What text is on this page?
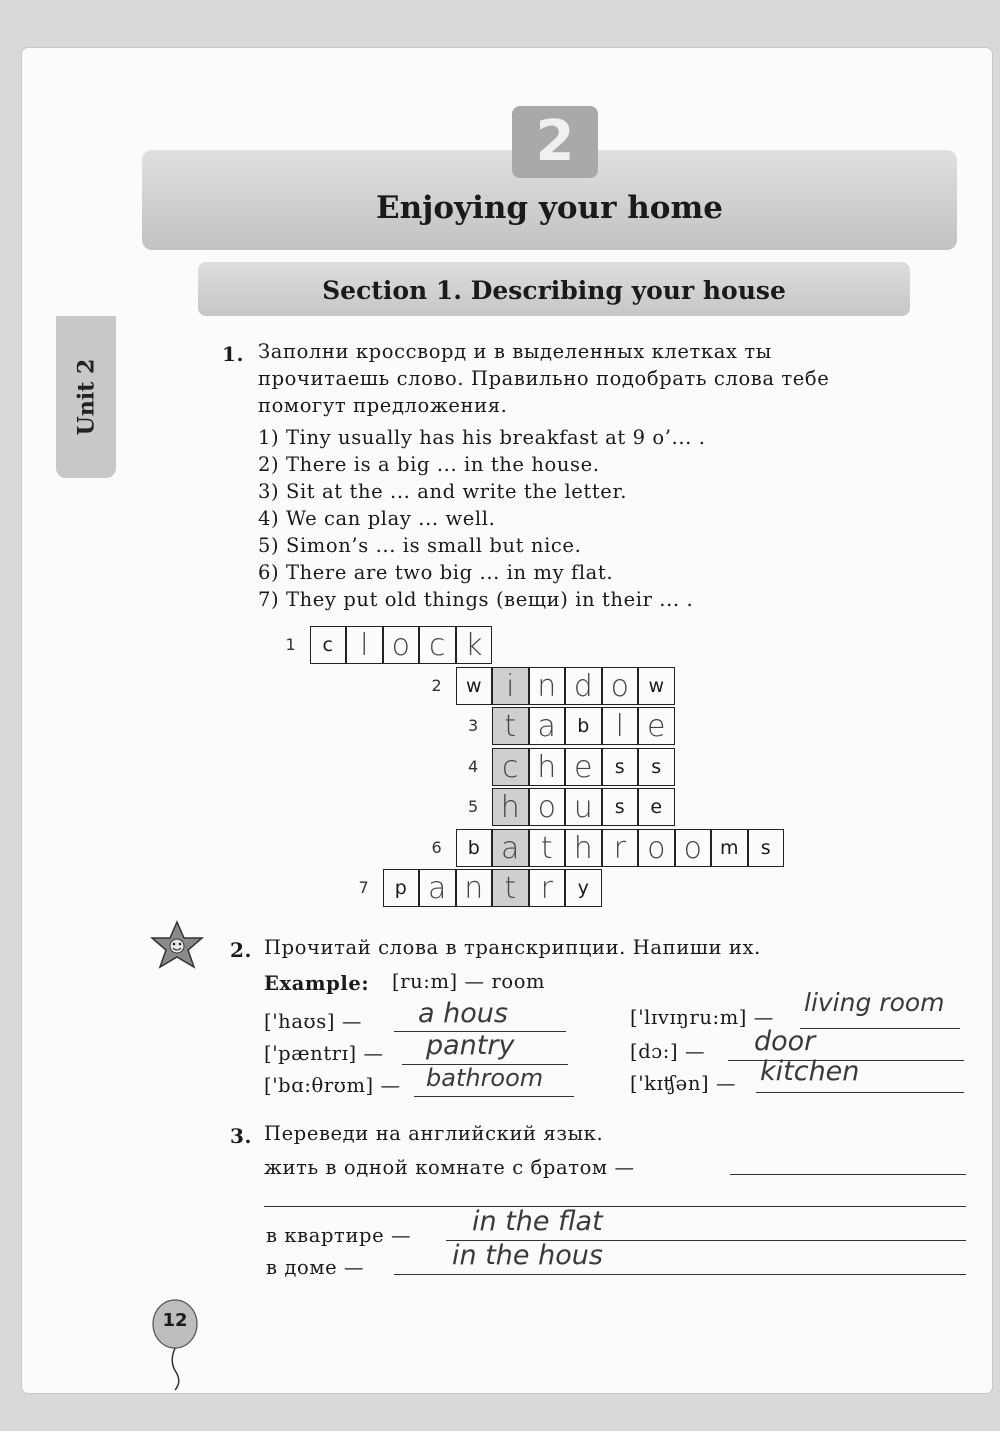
2
Enjoying your home
Section 1. Describing your house
Unit 2
1. Заполни кроссворд и в выделенных клетках ты
прочитаешь слово. Правильно подобрать слова тебе
помогут предложения.
1) Tiny usually has his breakfast at 9 o’... .
2) There is a big ... in the house.
3) Sit at the ... and write the letter.
4) We can play ... well.
5) Simon’s ... is small but nice.
6) There are two big ... in my flat.
7) They put old things (вещи) in their ... .
1	c l o c k
2	w i n d o	w
3 t a	b l e
4 c h e	s	s
5 h o u	s	e
6	b a t h r o o m	s
7	p a n t r	y
2. Прочитай слова в транскрипции. Напиши их.
Example: [ru:m] — room
['haʊs] — a hous
['pæntrɪ] — pantry
['bɑ:θrʊm] — bathroom
['lɪvɪŋru:m] —
living room
[dɔ:] — door
['kɪʧən] — kitchen
3. Переведи на английский язык.
жить в одной комнате с братом —
в квартире — in the flat
в доме —	in the hous
12
